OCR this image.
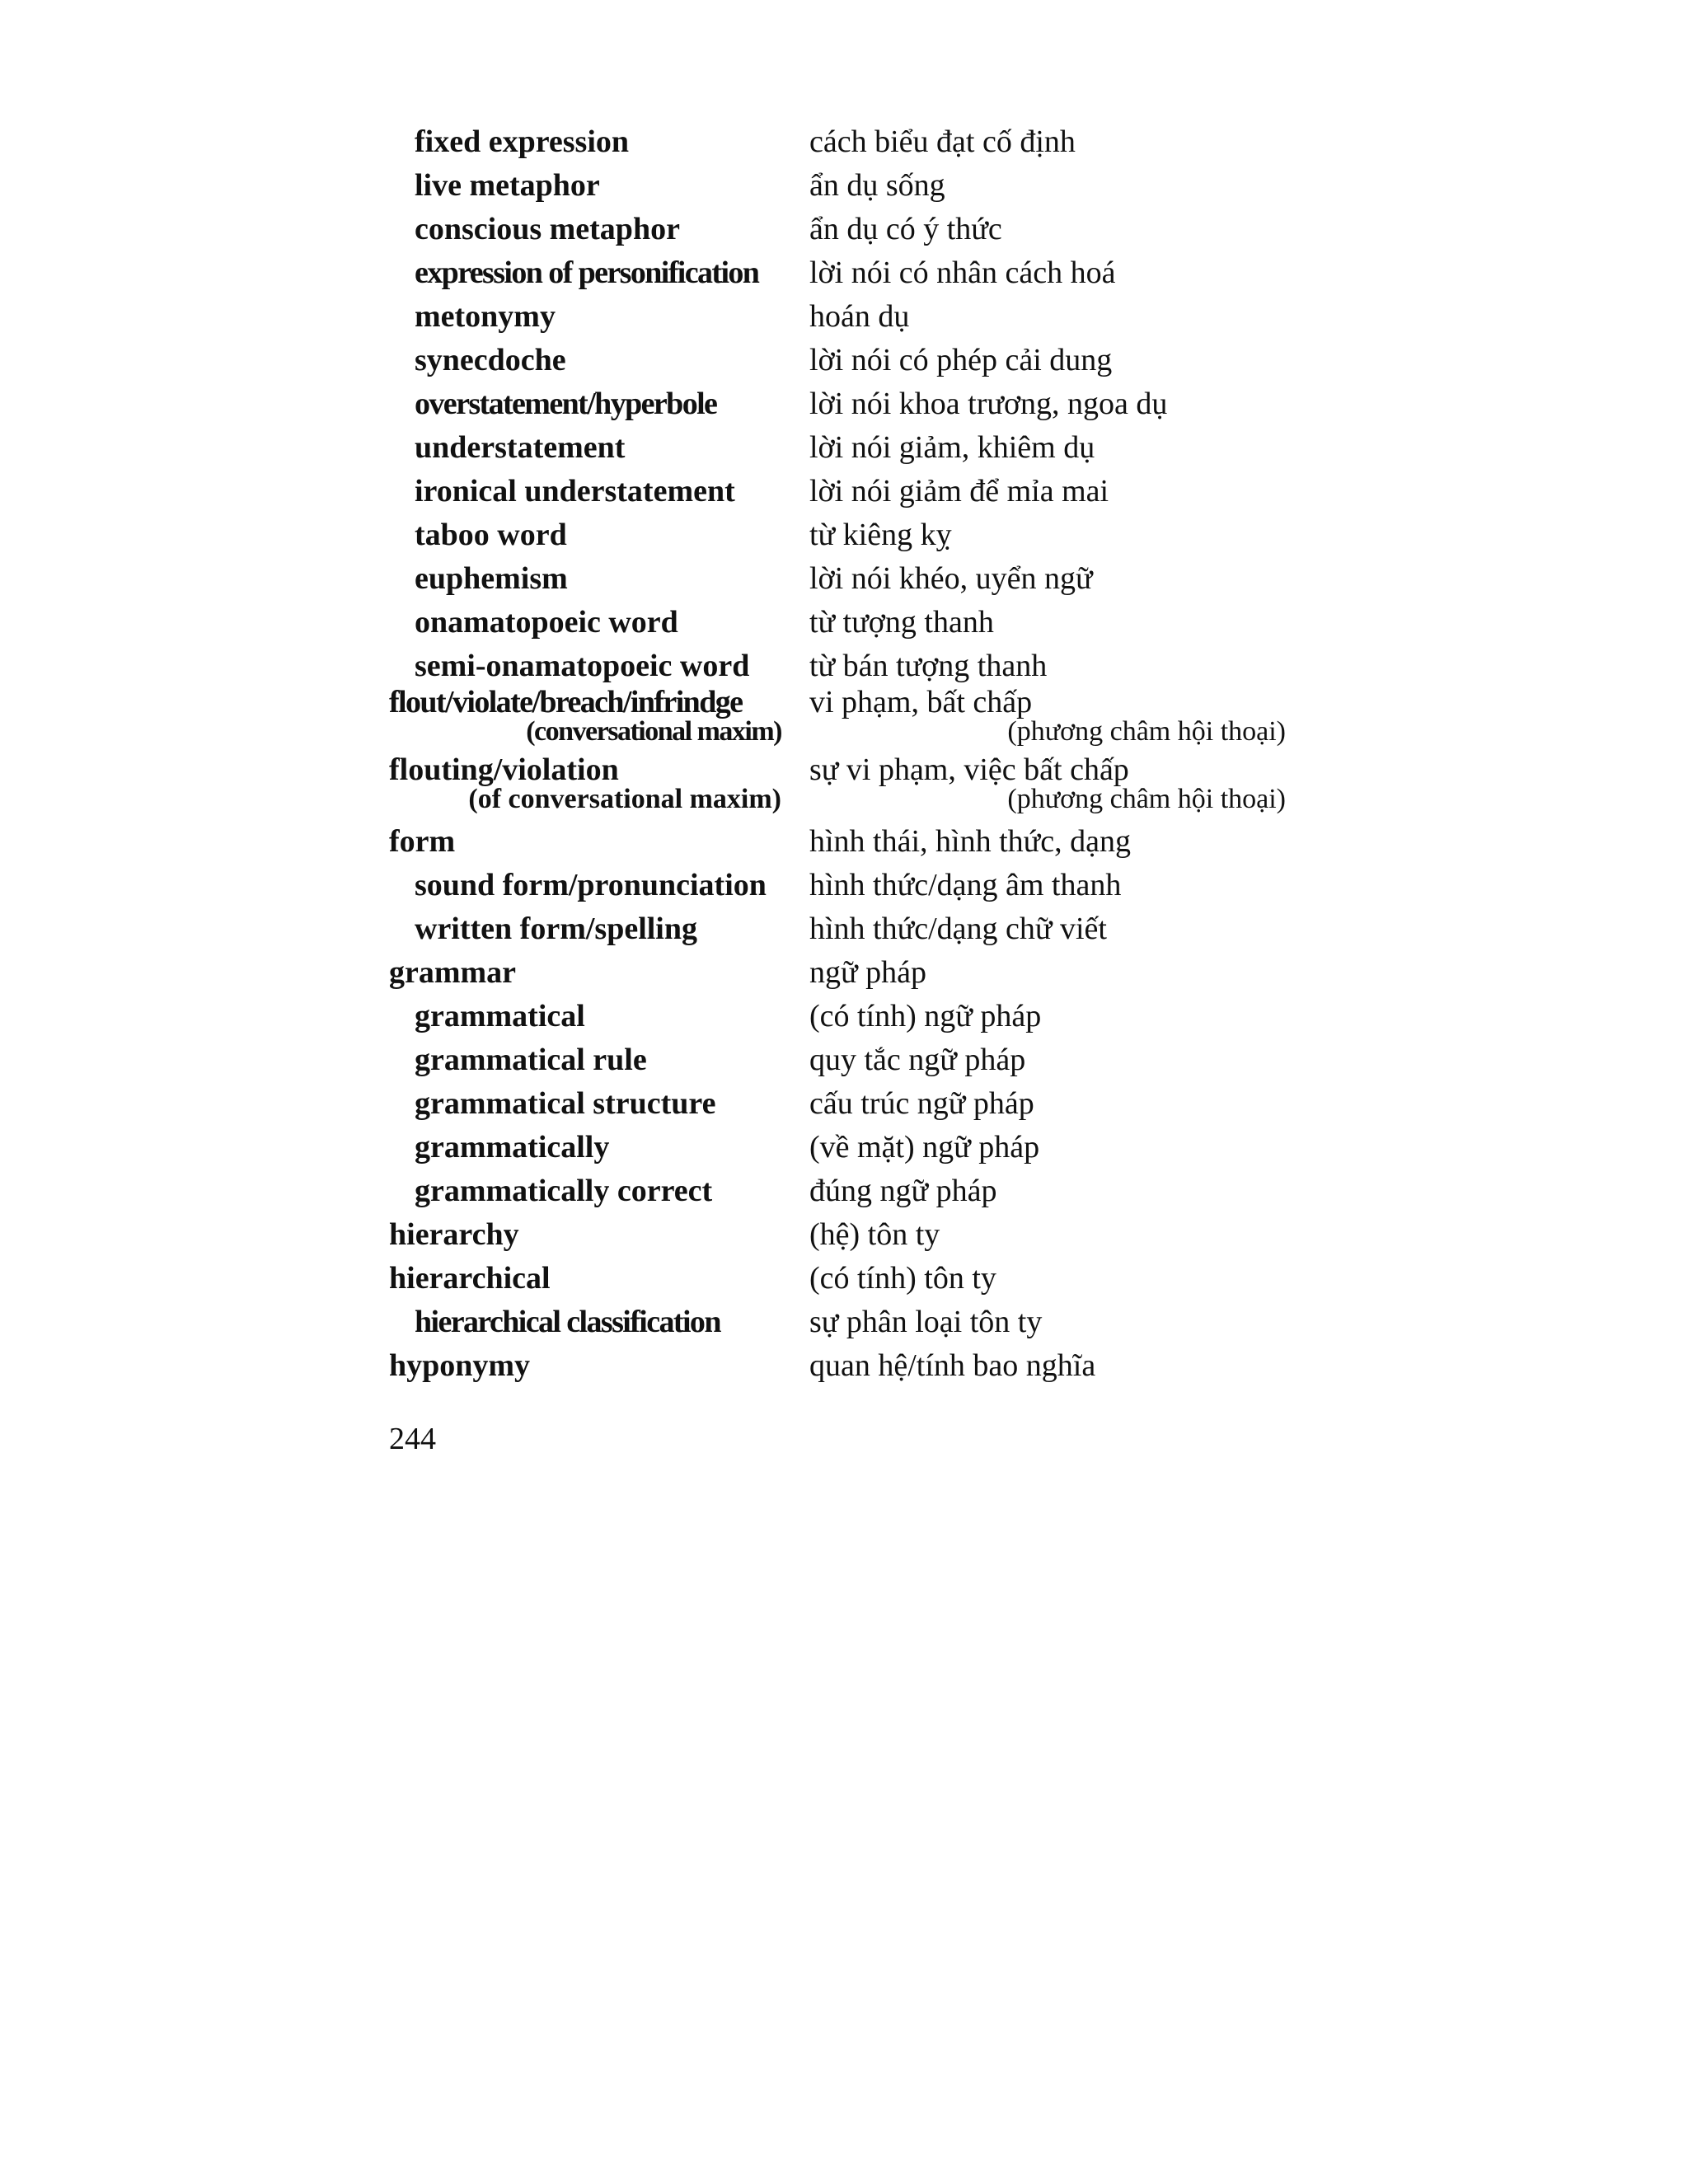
fixed expression	cách biểu đạt cố định
live metaphor	ẩn dụ sống
conscious metaphor	ẩn dụ có ý thức
expression of personification lời nói có nhân cách hoá
metonymy	hoán dụ
synecdoche	lời nói có phép cải dung
overstatement/hyperbole	lời nói khoa trương, ngoa dụ
understatement	lời nói giảm, khiêm dụ
ironical understatement lời nói giảm để mỉa mai
taboo word	từ kiêng kỵ
euphemism	lời nói khéo, uyển ngữ
onamatopoeic word	từ tượng thanh
semi-onamatopoeic word từ bán tượng thanh
flout/violate/breach/infrindge vi phạm, bất chấp
(conversational maxim)	(phương châm hội thoại)
flouting/violation	sự vi phạm, việc bất chấp
(of conversational maxim)	(phương châm hội thoại)
form	hình thái, hình thức, dạng
sound form/pronunciation hình thức/dạng âm thanh
written form/spelling	hình thức/dạng chữ viết
grammar	ngữ pháp
grammatical	(có tính) ngữ pháp
grammatical rule	quy tắc ngữ pháp
grammatical structure	cấu trúc ngữ pháp
grammatically	(về mặt) ngữ pháp
grammatically correct	đúng ngữ pháp
hierarchy	(hệ) tôn ty
hierarchical	(có tính) tôn ty
hierarchical classification	sự phân loại tôn ty
hyponymy	quan hệ/tính bao nghĩa
244
